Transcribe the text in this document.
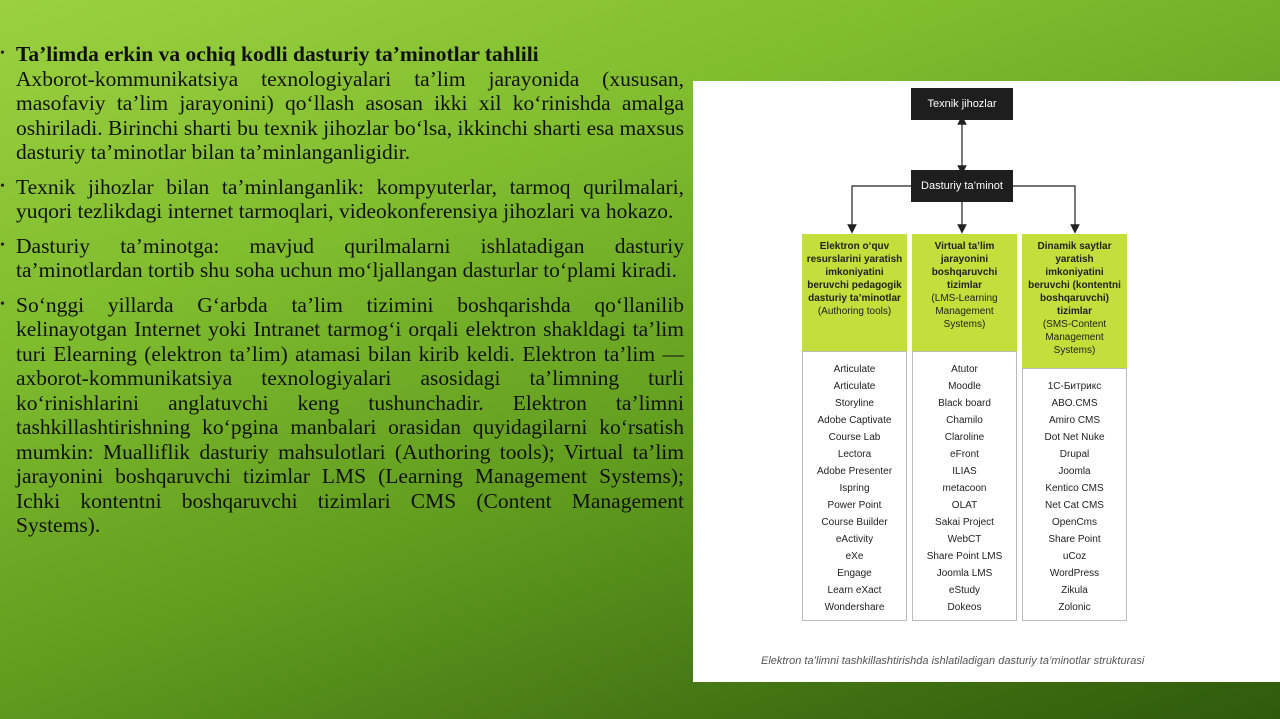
• Ta’limda erkin va ochiq kodli dasturiy ta’minotlar tahlili
Axborot-kommunikatsiya texnologiyalari ta’lim jarayonida (xususan, masofaviy ta’lim jarayonini) qo‘llash asosan ikki xil ko‘rinishda amalga oshiriladi. Birinchi sharti bu texnik jihozlar bo‘lsa, ikkinchi sharti esa maxsus dasturiy ta’minotlar bilan ta’minlanganligidir.

• Texnik jihozlar bilan ta’minlanganlik: kompyuterlar, tarmoq qurilmalari, yuqori tezlikdagi internet tarmoqlari, videokonferensiya jihozlari va hokazo.

• Dasturiy ta’minotga: mavjud qurilmalarni ishlatadigan dasturiy ta’minotlardan tortib shu soha uchun mo‘ljallangan dasturlar to‘plami kiradi.

• So‘nggi yillarda G‘arbda ta’lim tizimini boshqarishda qo‘llanilib kelinayotgan Internet yoki Intranet tarmog‘i orqali elektron shakldagi ta’lim turi Elearning (elektron ta’lim) atamasi bilan kirib keldi. Elektron ta’lim — axborot-kommunikatsiya texnologiyalari asosidagi ta’limning turli ko‘rinishlarini anglatuvchi keng tushunchadir. Elektron ta’limni tashkillashtirishning ko‘pgina manbalari orasidan quyidagilarni ko‘rsatish mumkin: Mualliflik dasturiy mahsulotlari (Authoring tools); Virtual ta’lim jarayonini boshqaruvchi tizimlar LMS (Learning Management Systems); Ichki kontentni boshqaruvchi tizimlari CMS (Content Management Systems).

Texnik jihozlar
Dasturiy ta’minot
Elektron o‘quv resurslarini yaratish imkoniyatini beruvchi pedagogik dasturiy ta’minotlar
(Authoring tools)
Articulate
Articulate
Storyline
Adobe Captivate
Course Lab
Lectora
Adobe Presenter
Ispring
Power Point
Course Builder
eActivity
eXe
Engage
Learn eXact
Wondershare
Virtual ta’lim jarayonini boshqaruvchi tizimlar
(LMS-Learning Management Systems)
Atutor
Moodle
Black board
Chamilo
Claroline
eFront
ILIAS
metacoon
OLAT
Sakai Project
WebCT
Share Point LMS
Joomla LMS
eStudy
Dokeos
Dinamik saytlar yaratish imkoniyatini beruvchi (kontentni boshqaruvchi) tizimlar
(SMS-Content Management Systems)
1C-Битрикс
ABO.CMS
Amiro CMS
Dot Net Nuke
Drupal
Joomla
Kentico CMS
Net Cat CMS
OpenCms
Share Point
uCoz
WordPress
Zikula
Zolonic
Elektron ta’limni tashkillashtirishda ishlatiladigan dasturiy ta’minotlar strukturasi
